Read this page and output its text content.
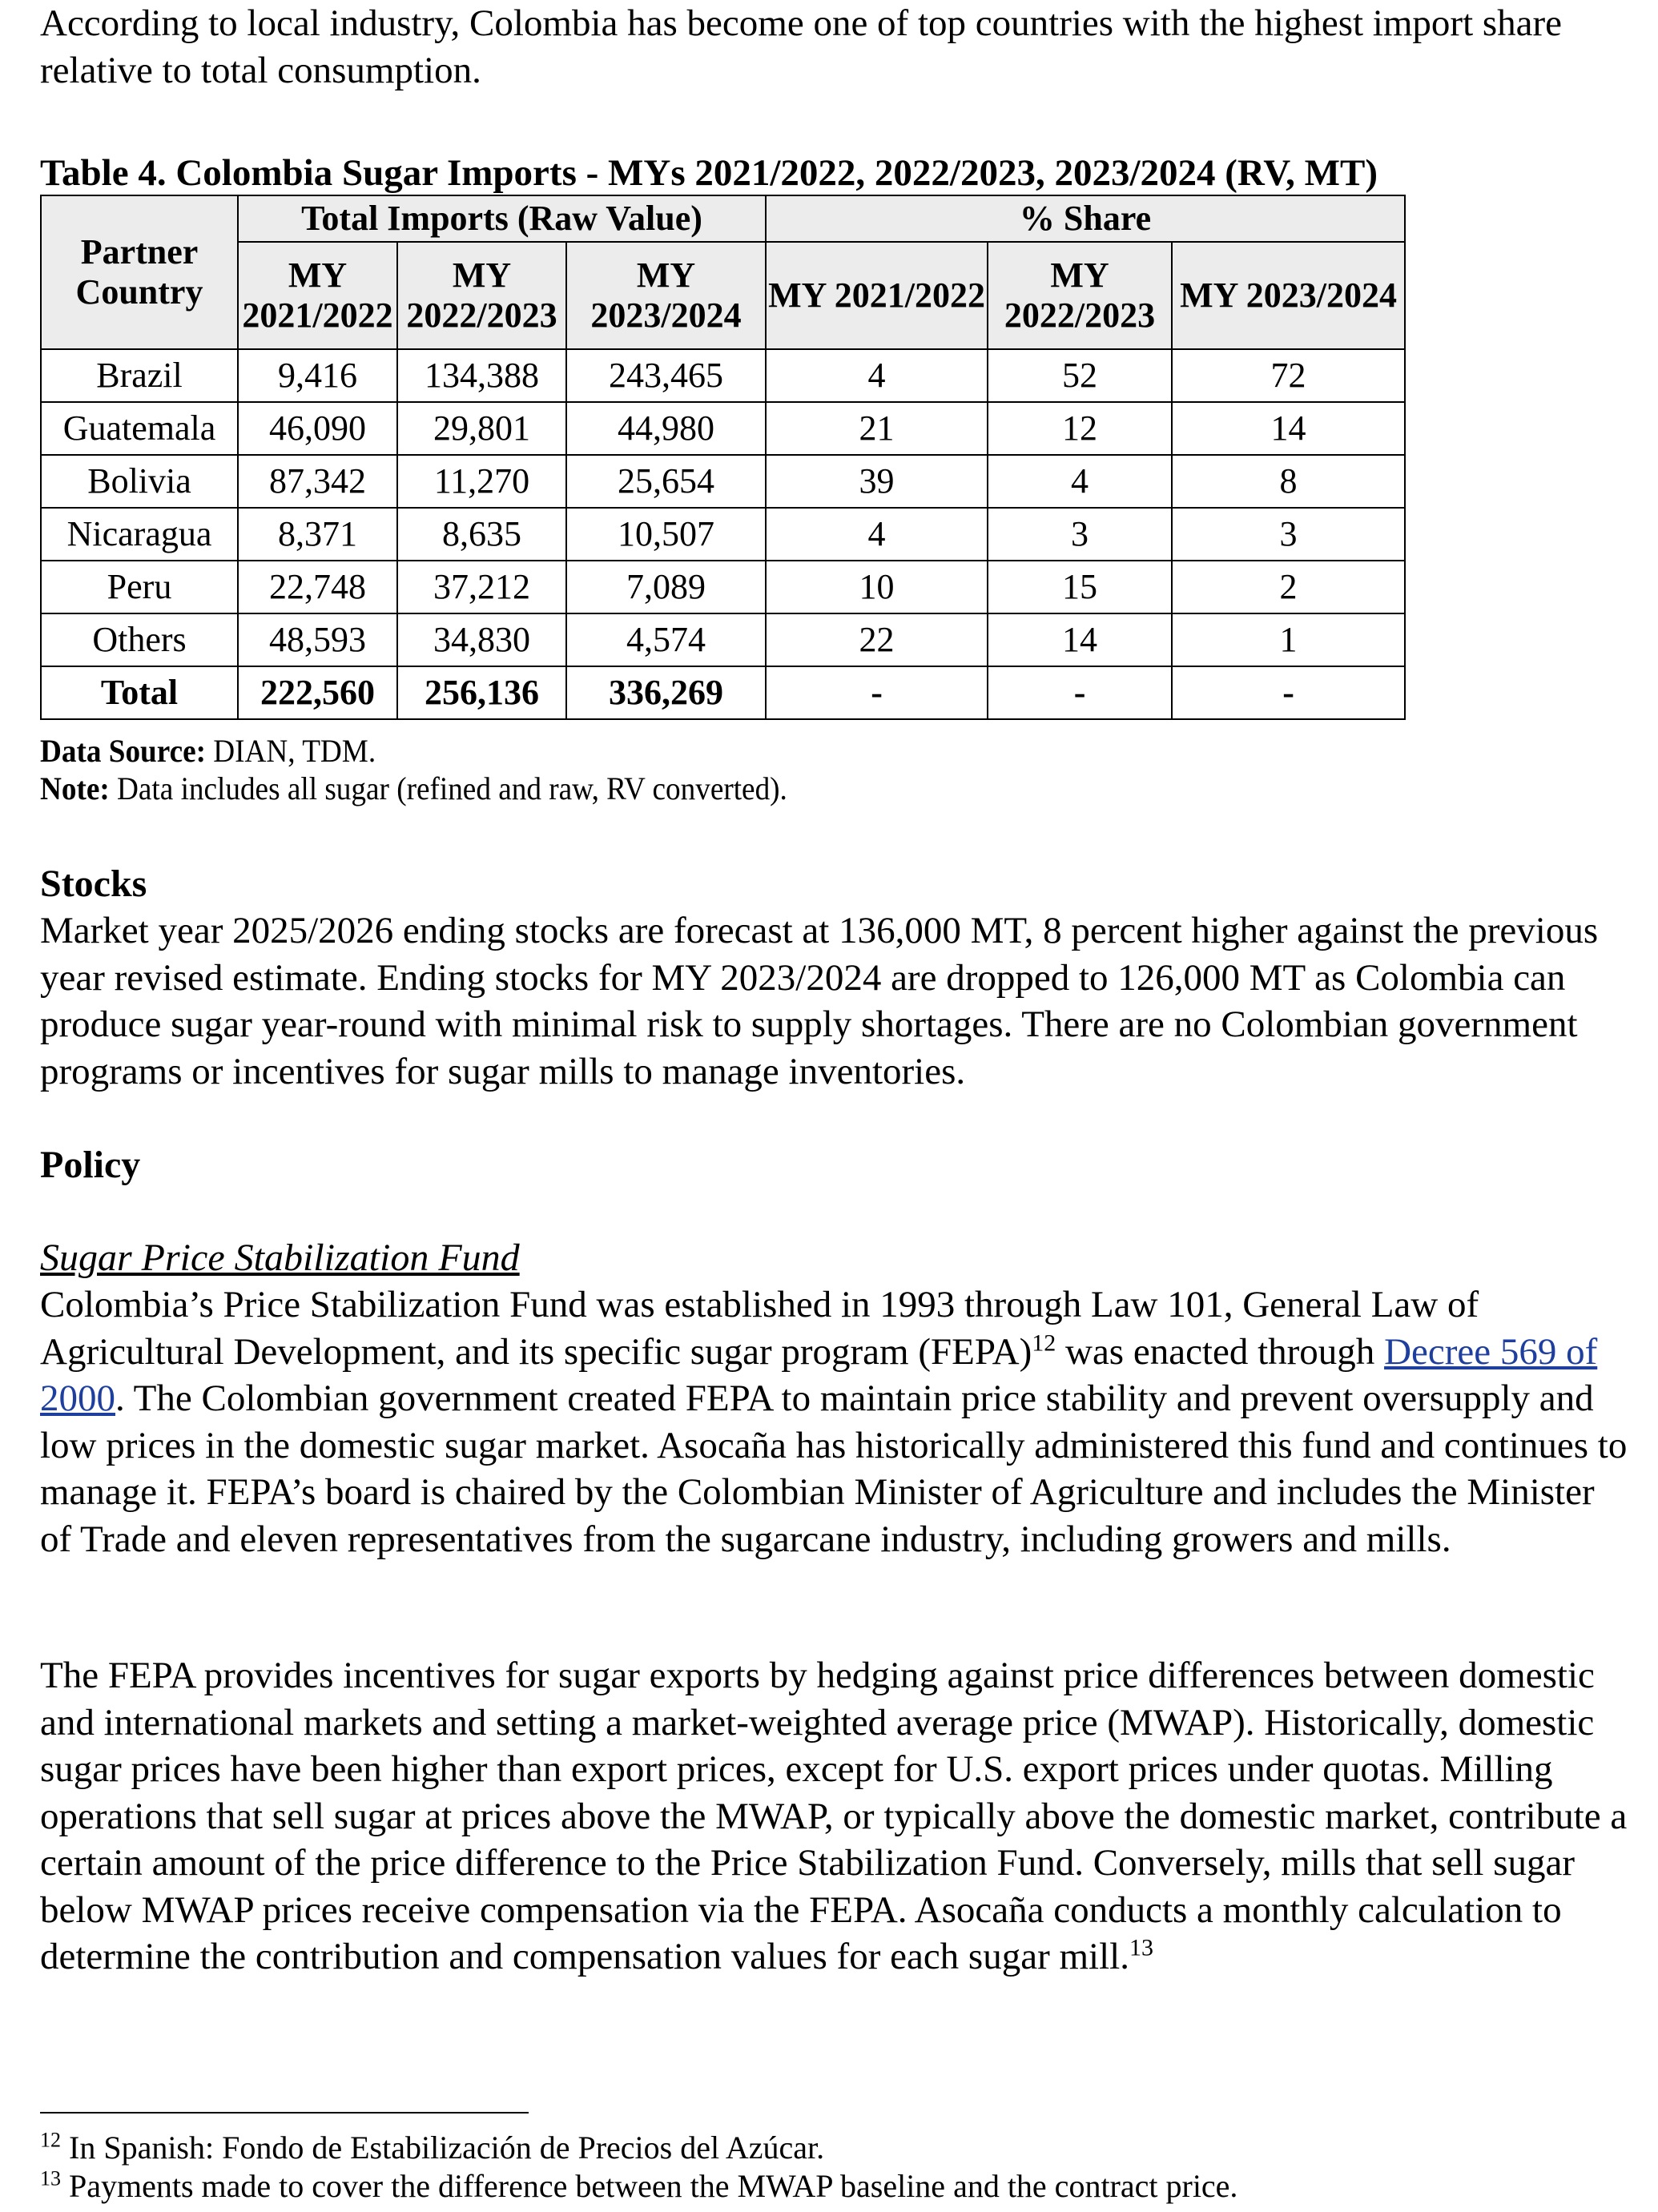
According to local industry, Colombia has become one of top countries with the highest import share relative to total consumption.

Table 4. Colombia Sugar Imports - MYs 2021/2022, 2022/2023, 2023/2024 (RV, MT)

Partner Country	Total Imports (Raw Value)			% Share		
	MY 2021/2022	MY 2022/2023	MY 2023/2024	MY 2021/2022	MY 2022/2023	MY 2023/2024
Brazil	9,416	134,388	243,465	4	52	72
Guatemala	46,090	29,801	44,980	21	12	14
Bolivia	87,342	11,270	25,654	39	4	8
Nicaragua	8,371	8,635	10,507	4	3	3
Peru	22,748	37,212	7,089	10	15	2
Others	48,593	34,830	4,574	22	14	1
Total	222,560	256,136	336,269	-	-	-

Data Source: DIAN, TDM.

Note: Data includes all sugar (refined and raw, RV converted).

Stocks

Market year 2025/2026 ending stocks are forecast at 136,000 MT, 8 percent higher against the previous year revised estimate. Ending stocks for MY 2023/2024 are dropped to 126,000 MT as Colombia can produce sugar year-round with minimal risk to supply shortages. There are no Colombian government programs or incentives for sugar mills to manage inventories.

Policy

Sugar Price Stabilization Fund

Colombia’s Price Stabilization Fund was established in 1993 through Law 101, General Law of Agricultural Development, and its specific sugar program (FEPA)$^{12}$ was enacted through Decree 569 of 2000. The Colombian government created FEPA to maintain price stability and prevent oversupply and low prices in the domestic sugar market. Asocaña has historically administered this fund and continues to manage it. FEPA’s board is chaired by the Colombian Minister of Agriculture and includes the Minister of Trade and eleven representatives from the sugarcane industry, including growers and mills.

The FEPA provides incentives for sugar exports by hedging against price differences between domestic and international markets and setting a market-weighted average price (MWAP). Historically, domestic sugar prices have been higher than export prices, except for U.S. export prices under quotas. Milling operations that sell sugar at prices above the MWAP, or typically above the domestic market, contribute a certain amount of the price difference to the Price Stabilization Fund. Conversely, mills that sell sugar below MWAP prices receive compensation via the FEPA. Asocaña conducts a monthly calculation to determine the contribution and compensation values for each sugar mill.$^{13}$

$^{12}$ In Spanish: Fondo de Estabilización de Precios del Azúcar.

$^{13}$ Payments made to cover the difference between the MWAP baseline and the contract price.
